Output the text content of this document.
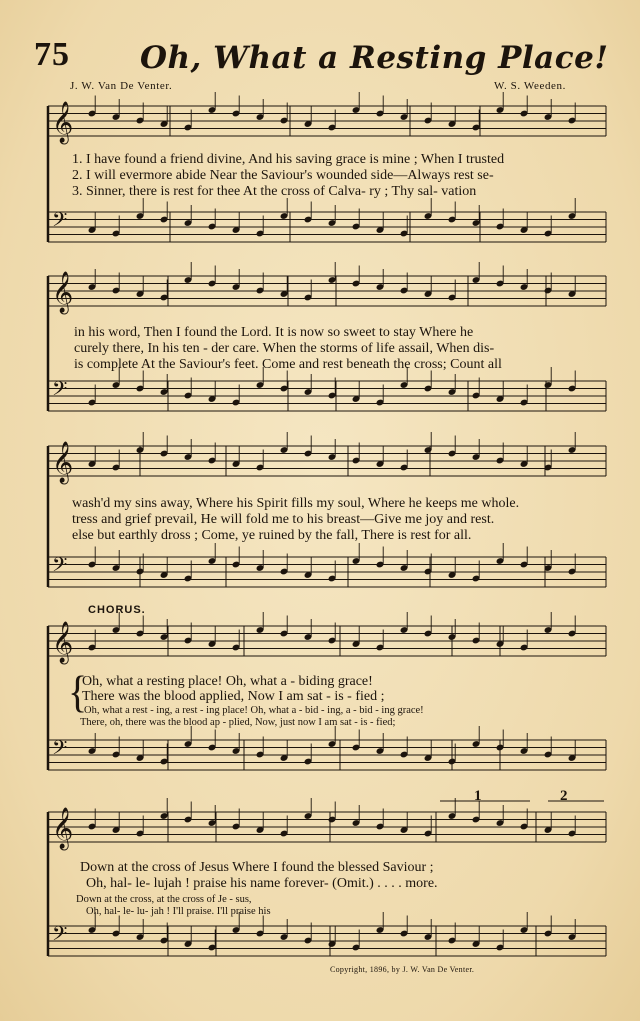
75 Oh, What a Resting Place!
J. W. Van De Venter.	W. S. Weeden.
𝄞
𝄢
𝄞
𝄢
𝄞
𝄢
𝄞
𝄢
𝄞
𝄢
1. I have found a friend divine, And his saving grace is mine ; When I trusted
2. I will evermore abide Near the Saviour's wounded side—Always rest se-
3. Sinner, there is rest for thee At the cross of Calva- ry ; Thy sal- vation
in his word, Then I found the Lord. It is now so sweet to stay Where he
curely there, In his ten - der care. When the storms of life assail, When dis-
is complete At the Saviour's feet. Come and rest beneath the cross; Count all
wash'd my sins away, Where his Spirit fills my soul, Where he keeps me whole.
tress and grief prevail, He will fold me to his breast—Give me joy and rest.
else but earthly dross ; Come, ye ruined by the fall, There is rest for all.
CHORUS.
{
Oh, what a resting place! Oh, what a - biding grace!
There was the blood applied, Now I am sat - is - fied ;
Oh, what a rest - ing, a rest - ing place! Oh, what a - bid - ing, a - bid - ing grace!
There, oh, there was the blood ap - plied, Now, just now I am sat - is - fied;
Down at the cross of Jesus Where I found the blessed Saviour ;
Oh, hal- le- lujah ! praise his name forever- (Omit.) . . . . more.
Down at the cross, at the cross of Je - sus,
Oh, hal- le- lu- jah ! I'll praise. I'll praise his
1	2
Copyright, 1896, by J. W. Van De Venter.
